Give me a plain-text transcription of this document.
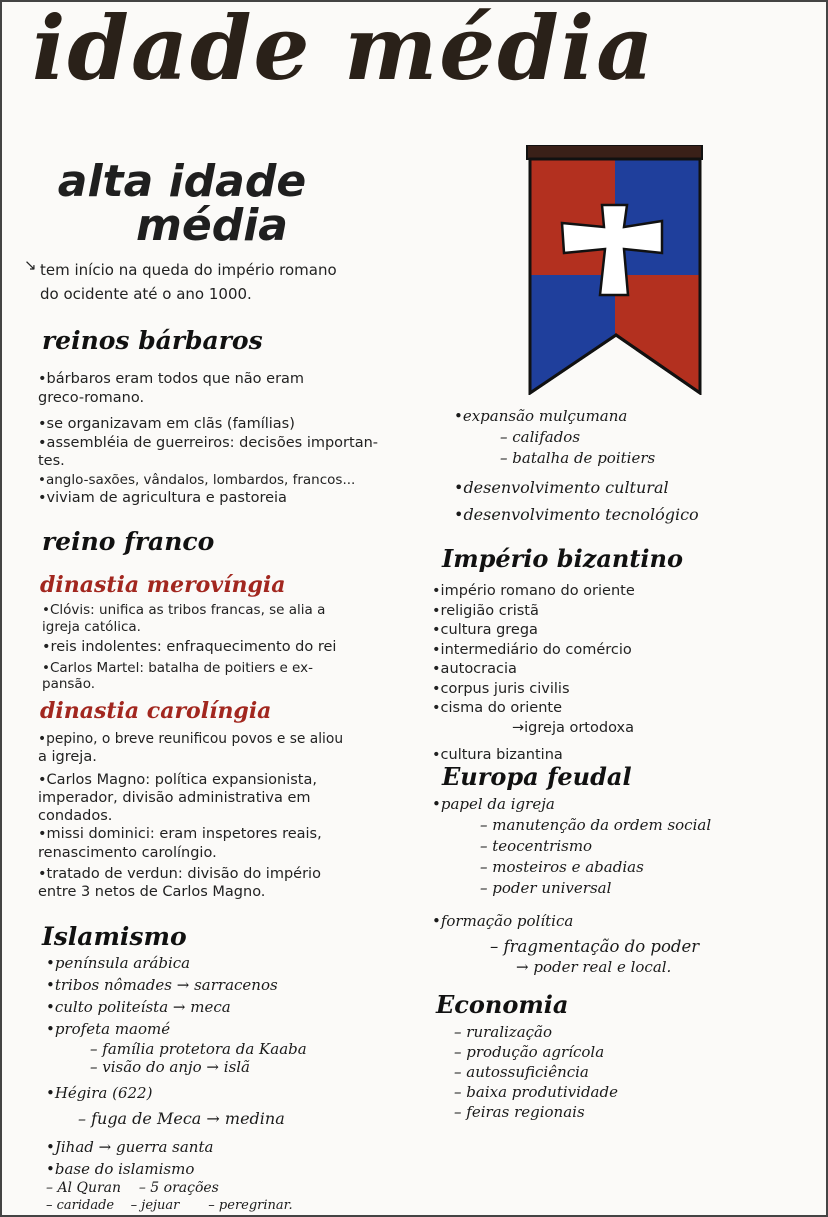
idade média
alta idade
média
↘ tem início na queda do império romano
do ocidente até o ano 1000.
reinos bárbaros
•bárbaros eram todos que não eram
greco-romano.
•se organizavam em clãs (famílias)
•assembléia de guerreiros: decisões importan-
tes.
•anglo-saxões, vândalos, lombardos, francos...
•viviam de agricultura e pastoreia
reino franco
dinastia merovíngia
•Clóvis: unifica as tribos francas, se alia a
igreja católica.
•reis indolentes: enfraquecimento do rei
•Carlos Martel: batalha de poitiers e ex-
pansão.
dinastia carolíngia
•pepino, o breve reunificou povos e se aliou
a igreja.
•Carlos Magno: política expansionista,
imperador, divisão administrativa em
condados.
•missi dominici: eram inspetores reais,
renascimento carolíngio.
•tratado de verdun: divisão do império
entre 3 netos de Carlos Magno.
Islamismo
•península arábica
•tribos nômades → sarracenos
•culto politeísta → meca
•profeta maomé
– família protetora da Kaaba
– visão do anjo → islã
•Hégira (622)
– fuga de Meca → medina
•Jihad → guerra santa
•base do islamismo
– Al Quran    – 5 orações
– caridade    – jejuar       – peregrinar.
•expansão mulçumana
– califados
– batalha de poitiers
•desenvolvimento cultural
•desenvolvimento tecnológico
Império bizantino
•império romano do oriente
•religião cristã
•cultura grega
•intermediário do comércio
•autocracia
•corpus juris civilis
•cisma do oriente
→igreja ortodoxa
•cultura bizantina
Europa feudal
•papel da igreja
– manutenção da ordem social
– teocentrismo
– mosteiros e abadias
– poder universal
•formação política
– fragmentação do poder
→ poder real e local.
Economia
– ruralização
– produção agrícola
– autossuficiência
– baixa produtividade
– feiras regionais
